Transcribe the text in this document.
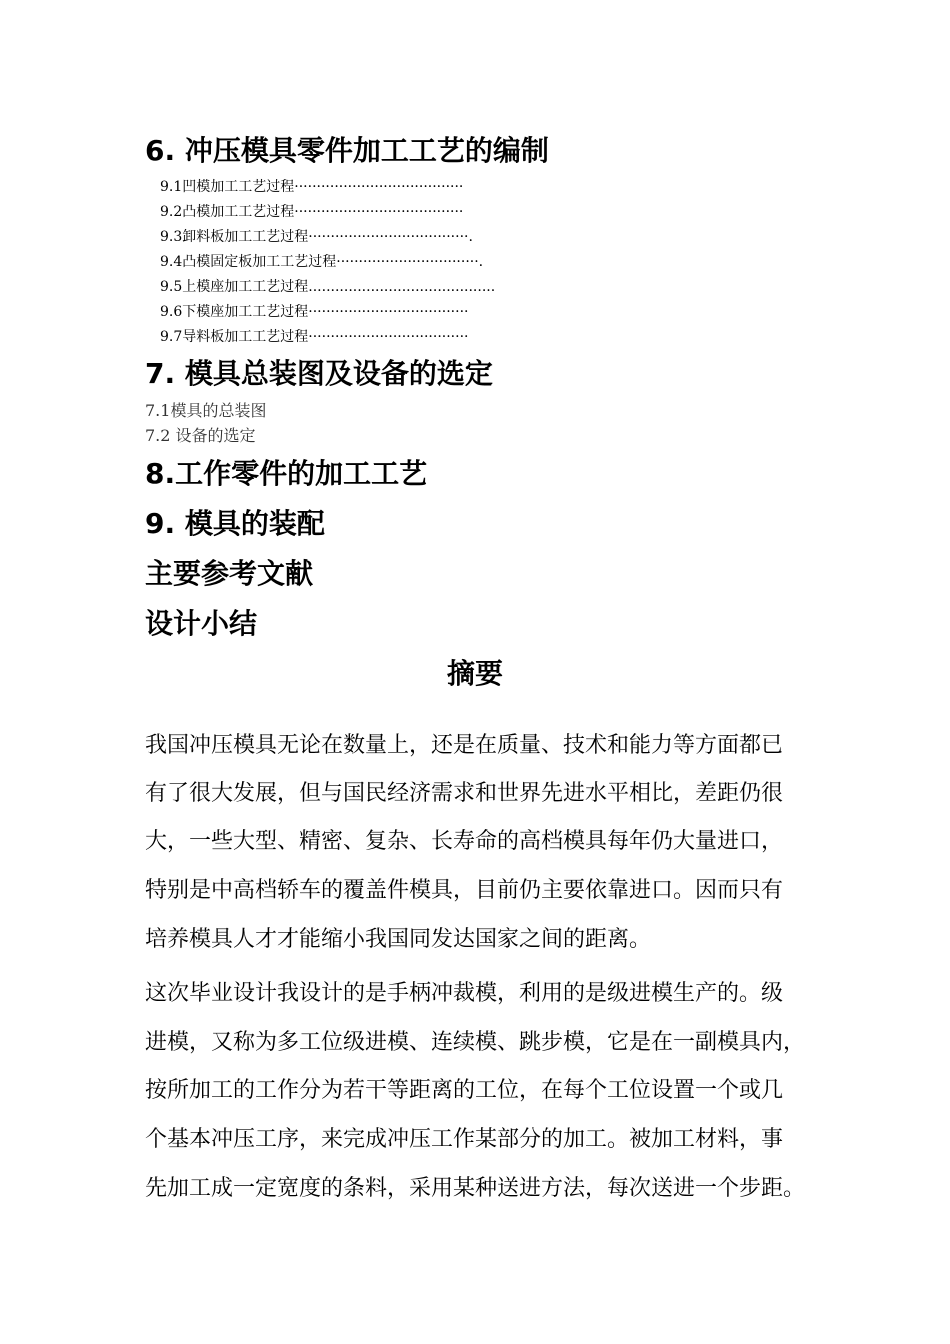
6. 冲压模具零件加工工艺的编制
9.1凹模加工工艺过程······································
9.2凸模加工工艺过程······································
9.3卸料板加工工艺过程····································.
9.4凸模固定板加工工艺过程································.
9.5上模座加工工艺过程..........................................
9.6下模座加工工艺过程····································
9.7导料板加工工艺过程····································
7. 模具总装图及设备的选定
7.1模具的总装图
7.2 设备的选定
8.工作零件的加工工艺
9. 模具的装配
主要参考文献
设计小结
摘要
我国冲压模具无论在数量上，还是在质量、技术和能力等方面都已
有了很大发展，但与国民经济需求和世界先进水平相比，差距仍很
大，一些大型、精密、复杂、长寿命的高档模具每年仍大量进口，
特别是中高档轿车的覆盖件模具，目前仍主要依靠进口。因而只有
培养模具人才才能缩小我国同发达国家之间的距离。
这次毕业设计我设计的是手柄冲裁模，利用的是级进模生产的。级
进模，又称为多工位级进模、连续模、跳步模，它是在一副模具内，
按所加工的工作分为若干等距离的工位，在每个工位设置一个或几
个基本冲压工序，来完成冲压工作某部分的加工。被加工材料，事
先加工成一定宽度的条料，采用某种送进方法，每次送进一个步距。
